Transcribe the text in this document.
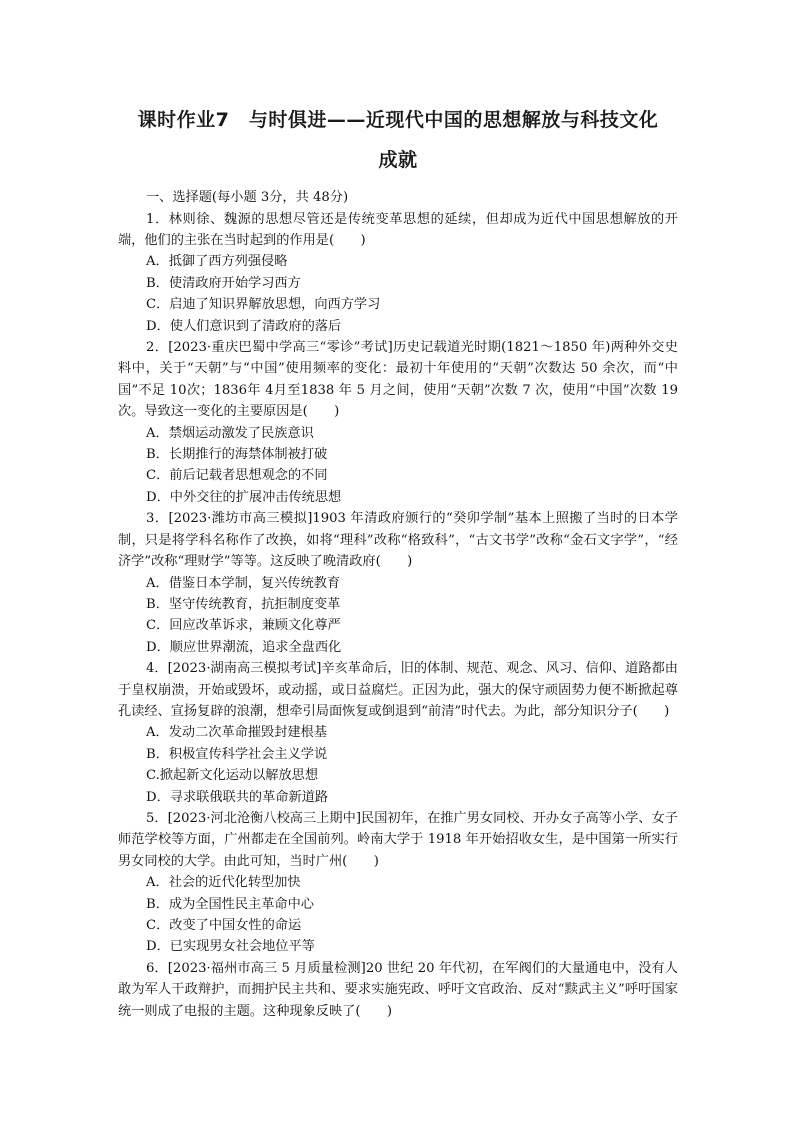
课时作业7　与时俱进——近现代中国的思想解放与科技文化
成就
一、选择题(每小题 3分，共 48分)

1．林则徐、魏源的思想尽管还是传统变革思想的延续，但却成为近代中国思想解放的开端，他们的主张在当时起到的作用是(　　)

A．抵御了西方列强侵略
B．使清政府开始学习西方
C．启迪了知识界解放思想，向西方学习
D．使人们意识到了清政府的落后

2．[2023·重庆巴蜀中学高三“零诊”考试]历史记载道光时期(1821～1850 年)两种外交史料中，关于“天朝”与“中国”使用频率的变化：最初十年使用的“天朝”次数达 50 余次，而“中国”不足 10次；1836年 4月至1838 年 5 月之间，使用“天朝”次数 7 次，使用“中国”次数 19次。导致这一变化的主要原因是(　　)

A．禁烟运动激发了民族意识
B．长期推行的海禁体制被打破
C．前后记载者思想观念的不同
D．中外交往的扩展冲击传统思想

3．[2023·潍坊市高三模拟]1903 年清政府颁行的“癸卯学制”基本上照搬了当时的日本学制，只是将学科名称作了改换，如将“理科”改称“格致科”，“古文书学”改称“金石文字学”，“经济学”改称“理财学”等等。这反映了晚清政府(　　)

A．借鉴日本学制，复兴传统教育
B．坚守传统教育，抗拒制度变革
C．回应改革诉求，兼顾文化尊严
D．顺应世界潮流，追求全盘西化

4．[2023·湖南高三模拟考试]辛亥革命后，旧的体制、规范、观念、风习、信仰、道路都由于皇权崩溃，开始或毁坏，或动摇，或日益腐烂。正因为此，强大的保守顽固势力便不断掀起尊孔读经、宣扬复辟的浪潮，想牵引局面恢复或倒退到“前清”时代去。为此，部分知识分子(　　)

A．发动二次革命摧毁封建根基
B．积极宣传科学社会主义学说
C.掀起新文化运动以解放思想
D．寻求联俄联共的革命新道路

5．[2023·河北沧衡八校高三上期中]民国初年，在推广男女同校、开办女子高等小学、女子师范学校等方面，广州都走在全国前列。岭南大学于 1918 年开始招收女生，是中国第一所实行男女同校的大学。由此可知，当时广州(　　)

A．社会的近代化转型加快
B．成为全国性民主革命中心
C．改变了中国女性的命运
D．已实现男女社会地位平等

6．[2023·福州市高三 5 月质量检测]20 世纪 20 年代初，在军阀们的大量通电中，没有人敢为军人干政辩护，而拥护民主共和、要求实施宪政、呼吁文官政治、反对“黩武主义”呼吁国家统一则成了电报的主题。这种现象反映了(　　)
